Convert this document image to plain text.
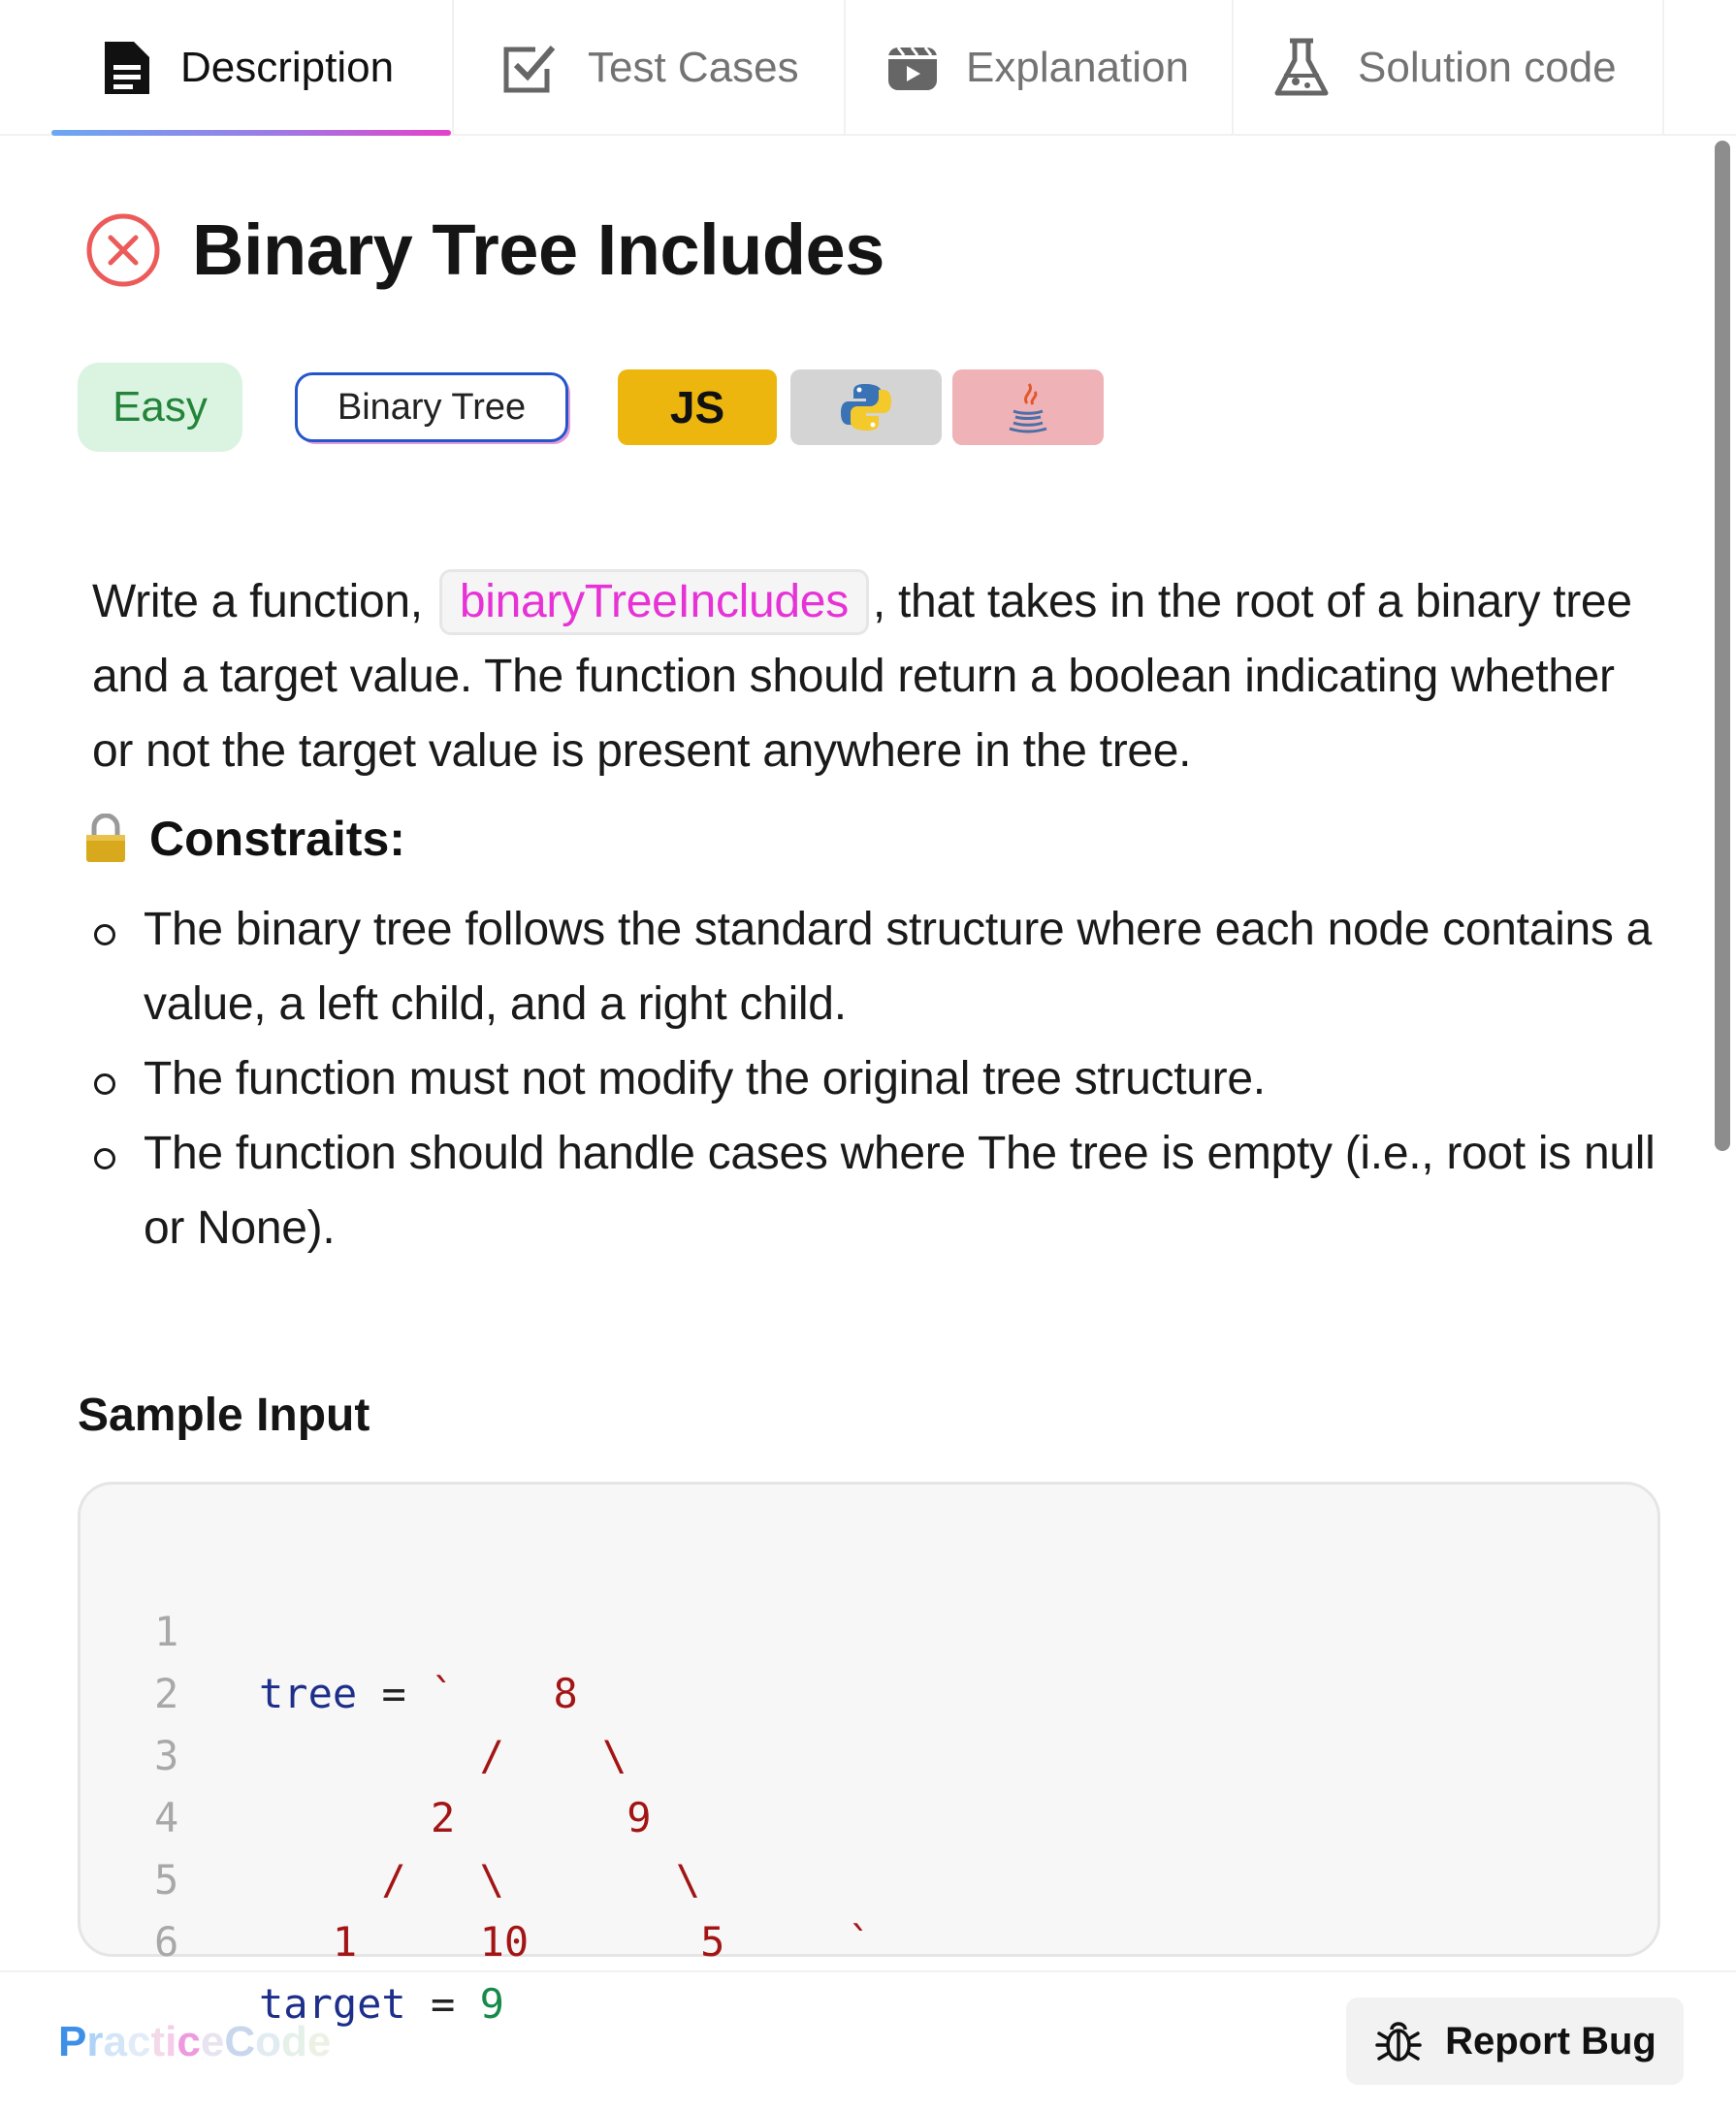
Description	Test Cases	Explanation	Solution code
Binary Tree Includes
Easy	Binary Tree	JS

Write a function, binaryTreeIncludes , that takes in the root of a binary tree and a target value. The function should return a boolean indicating whether or not the target value is present anywhere in the tree.

Constraits:
The binary tree follows the standard structure where each node contains a value, a left child, and a right child.
The function must not modify the original tree structure.
The function should handle cases where The tree is empty (i.e., root is null or None).
Sample Input

1

tree = `    8

2

/    \

3

2       9

4

/   \       \

5

1     10       5     `

6

target = 9

PracticeCode	Report Bug
